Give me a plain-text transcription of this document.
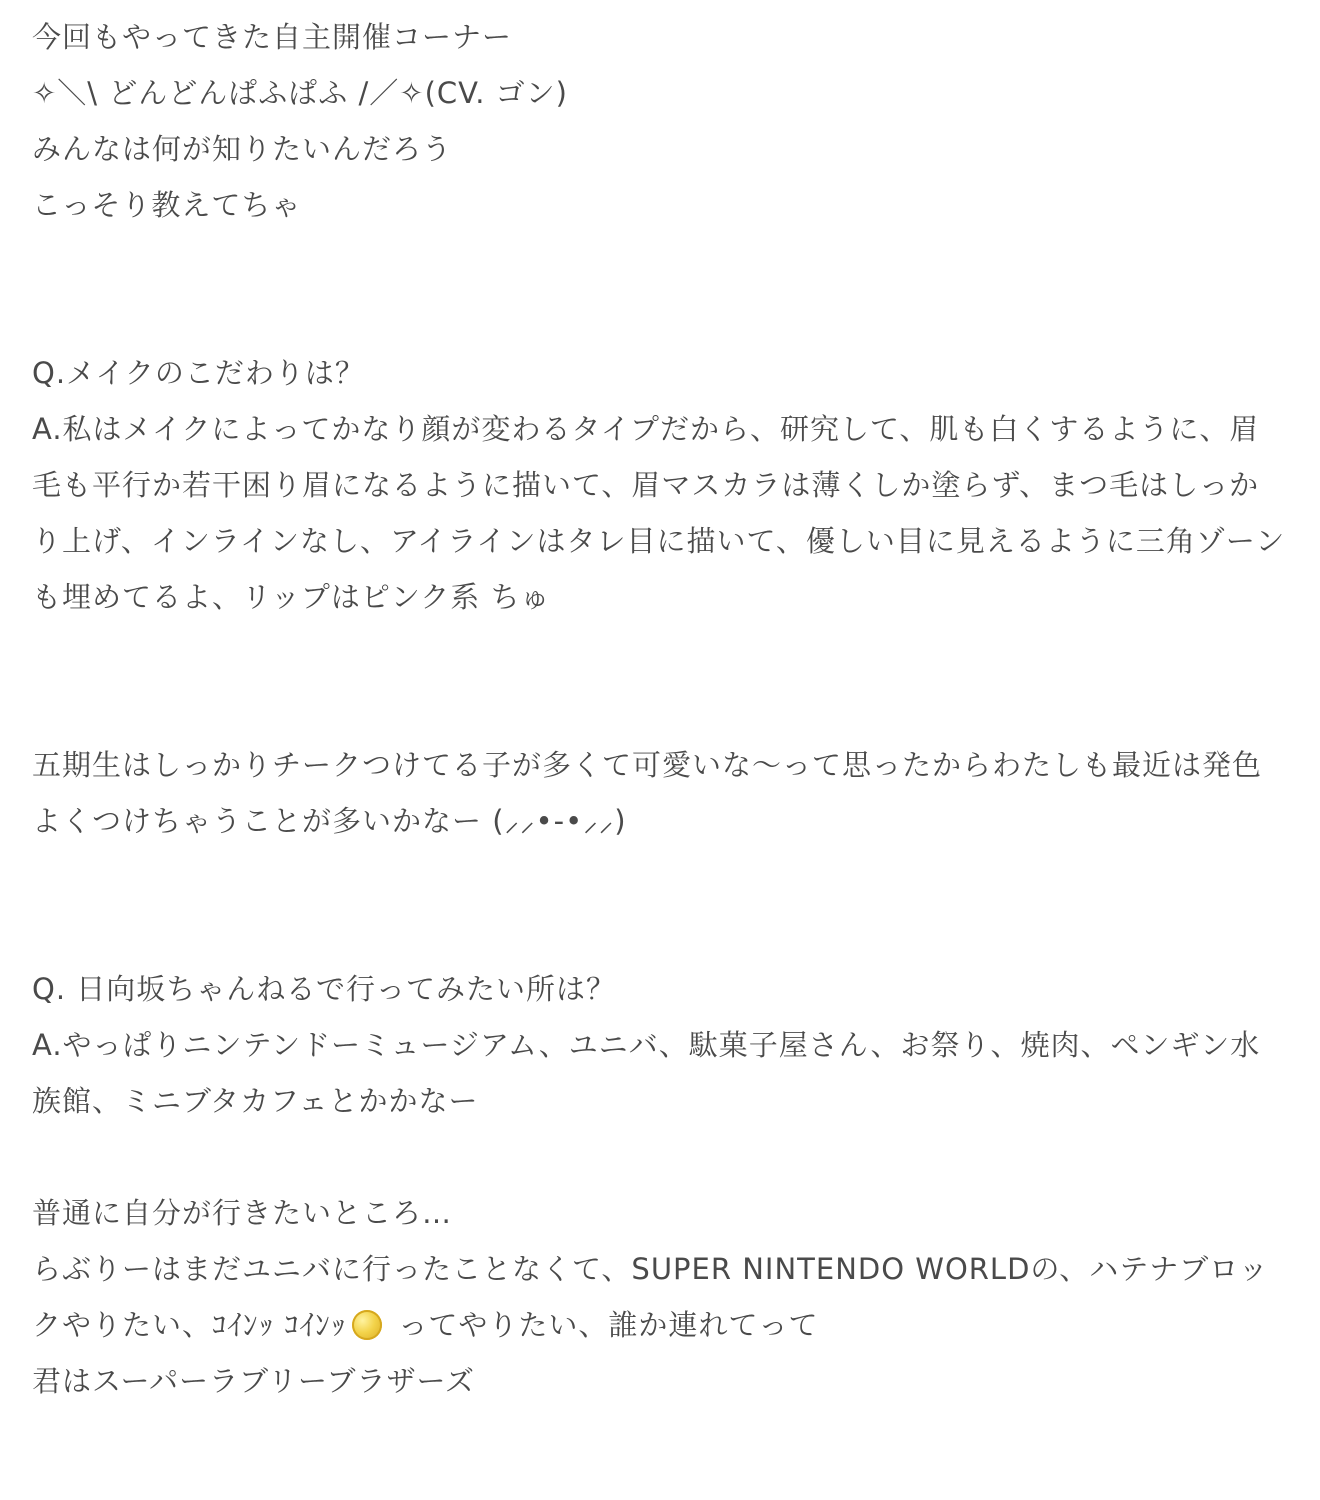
今回もやってきた自主開催コーナー
✧＼\ どんどんぱふぱふ /／✧(CV. ゴン)
みんなは何が知りたいんだろう
こっそり教えてちゃ
Q.メイクのこだわりは？
A.私はメイクによってかなり顔が変わるタイプだから、研究して、肌も白くするように、眉毛も平行か若干困り眉になるように描いて、眉マスカラは薄くしか塗らず、まつ毛はしっかり上げ、インラインなし、アイラインはタレ目に描いて、優しい目に見えるように三角ゾーンも埋めてるよ、リップはピンク系 ちゅ
五期生はしっかりチークつけてる子が多くて可愛いな〜って思ったからわたしも最近は発色よくつけちゃうことが多いかなー (⸝⸝•-•⸝⸝)
Q. 日向坂ちゃんねるで行ってみたい所は？
A.やっぱりニンテンドーミュージアム、ユニバ、駄菓子屋さん、お祭り、焼肉、ペンギン水族館、ミニブタカフェとかかなー
普通に自分が行きたいところ…
らぶりーはまだユニバに行ったことなくて、SUPER NINTENDO WORLDの、ハテナブロックやりたい、ｺｲﾝｯ ｺｲﾝｯ ってやりたい、誰か連れてって
君はスーパーラブリーブラザーズ
